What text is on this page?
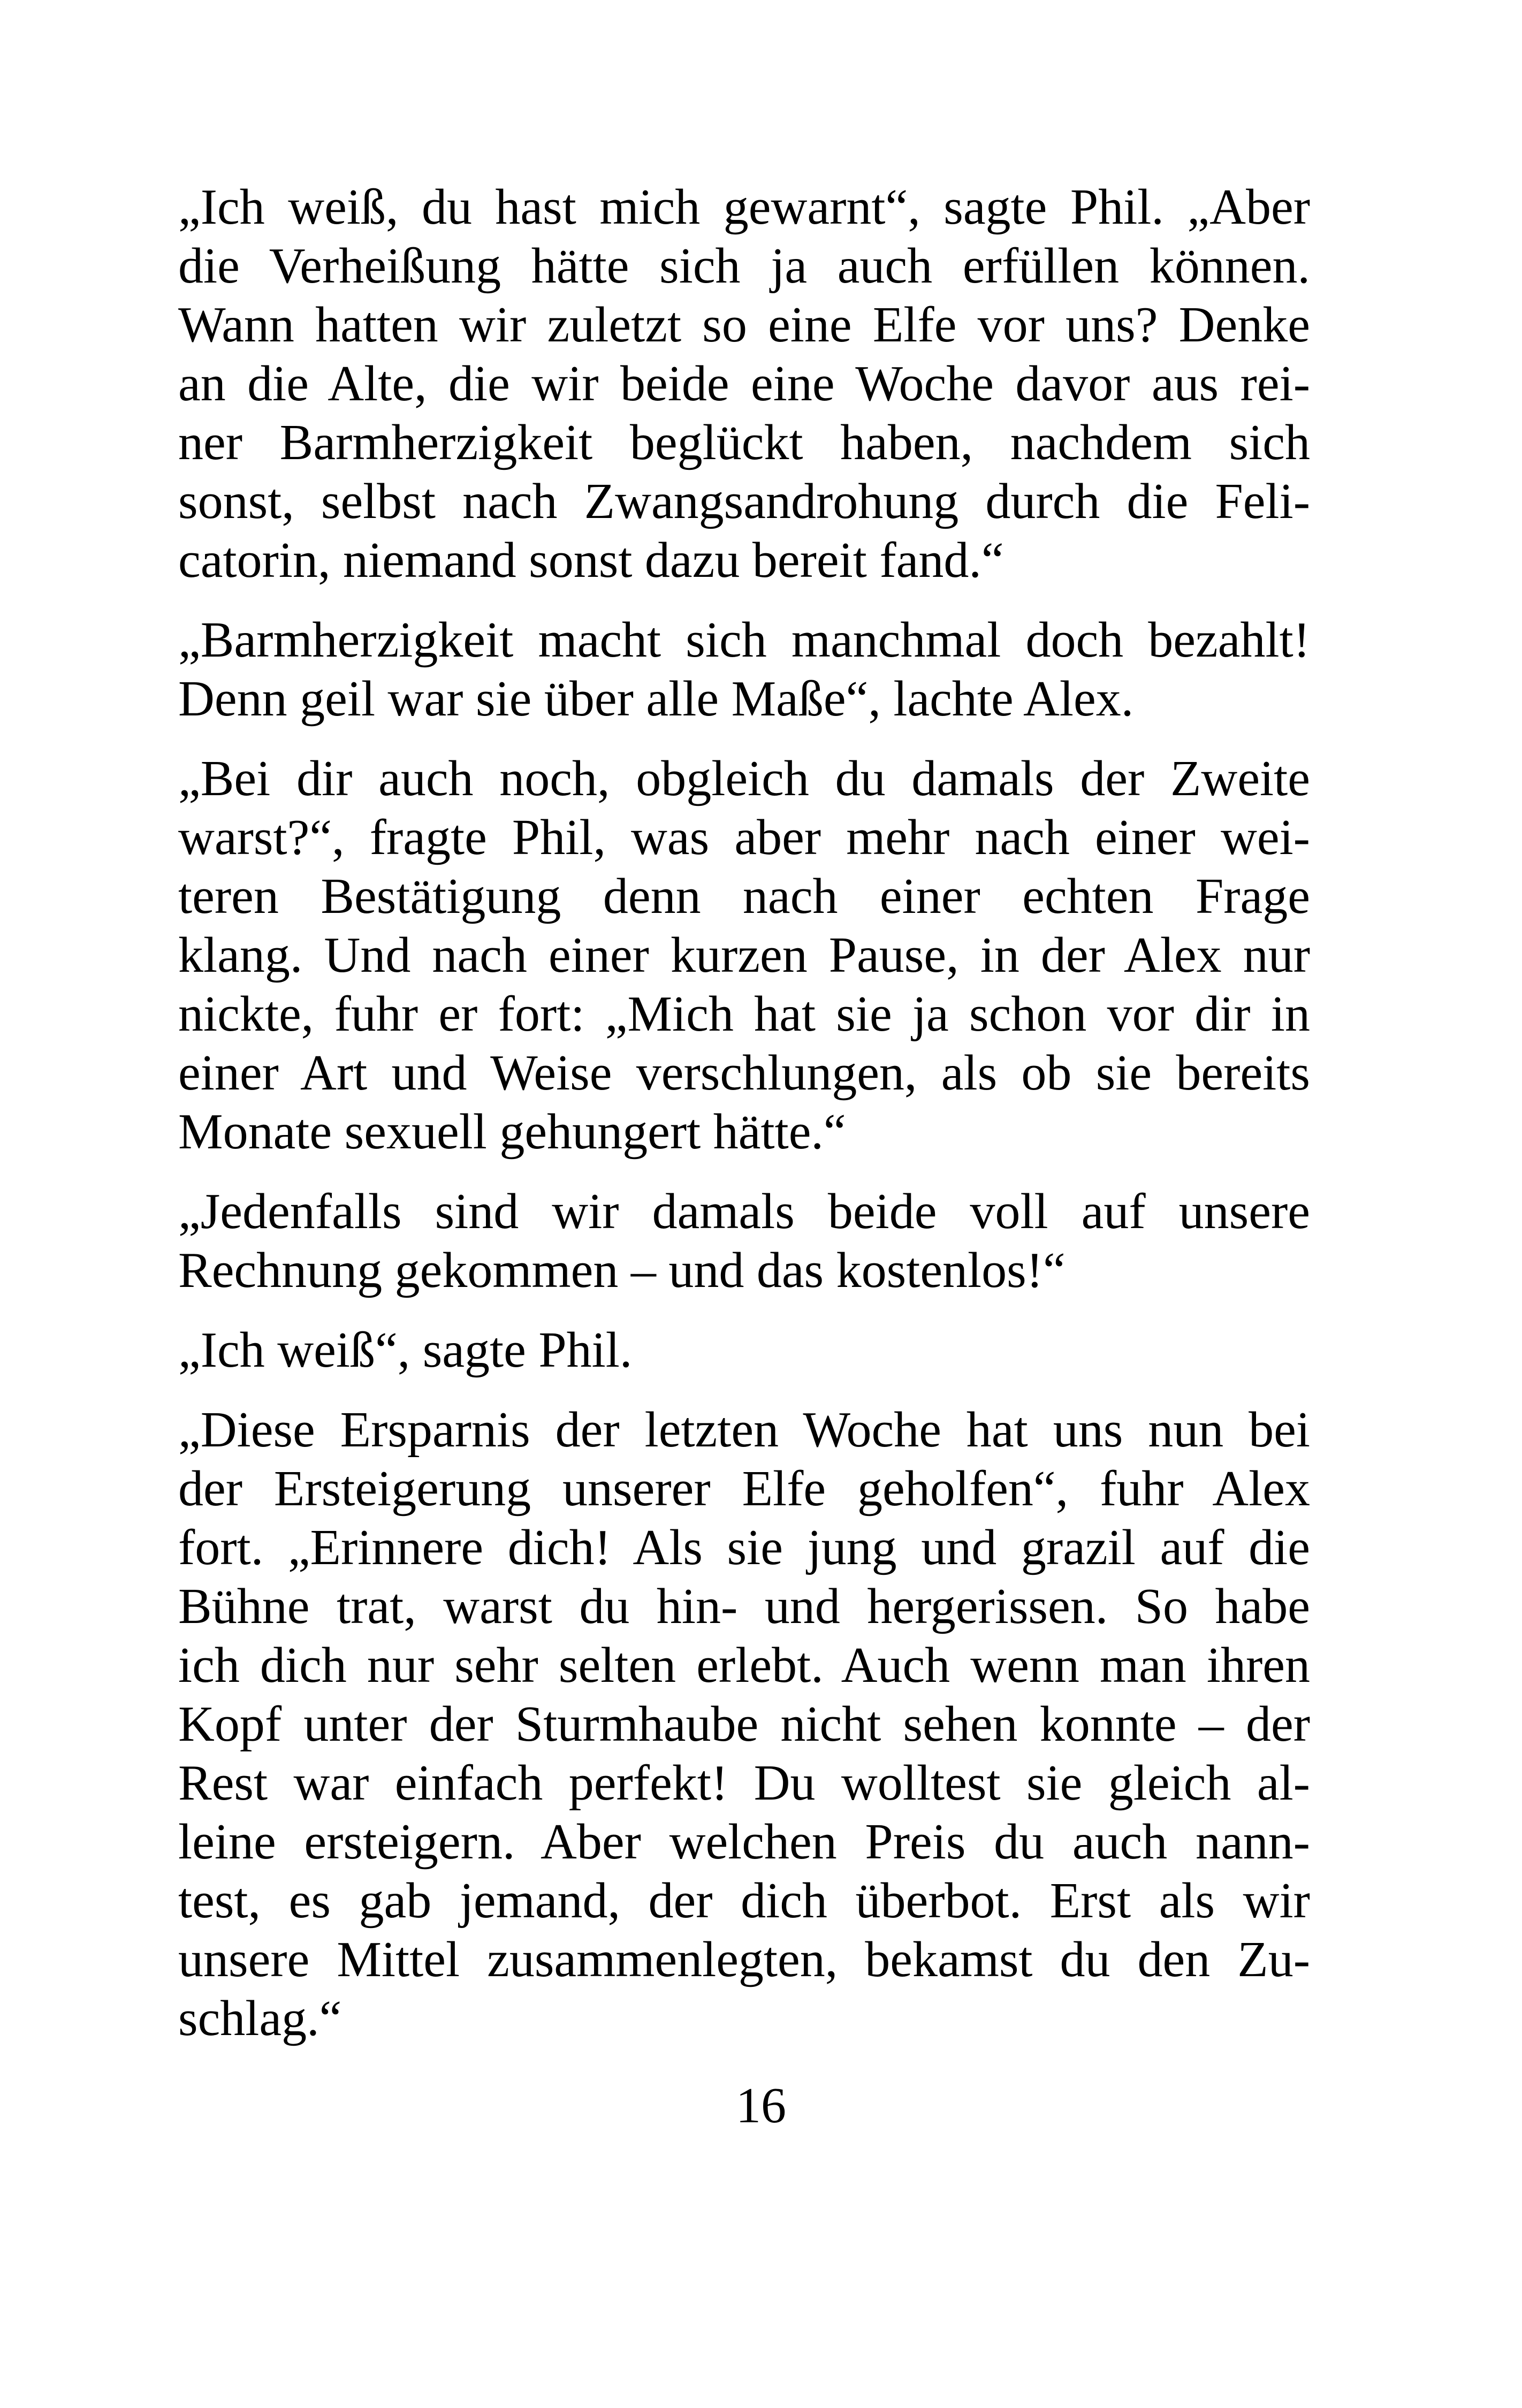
„Ich weiß, du hast mich gewarnt“, sagte Phil. „Aber
die Verheißung hätte sich ja auch erfüllen können.
Wann hatten wir zuletzt so eine Elfe vor uns? Denke
an die Alte, die wir beide eine Woche davor aus rei-
ner Barmherzigkeit beglückt haben, nachdem sich
sonst, selbst nach Zwangsandrohung durch die Feli-
catorin, niemand sonst dazu bereit fand.“
„Barmherzigkeit macht sich manchmal doch bezahlt!
Denn geil war sie über alle Maße“, lachte Alex.
„Bei dir auch noch, obgleich du damals der Zweite
warst?“, fragte Phil, was aber mehr nach einer wei-
teren Bestätigung denn nach einer echten Frage
klang. Und nach einer kurzen Pause, in der Alex nur
nickte, fuhr er fort: „Mich hat sie ja schon vor dir in
einer Art und Weise verschlungen, als ob sie bereits
Monate sexuell gehungert hätte.“
„Jedenfalls sind wir damals beide voll auf unsere
Rechnung gekommen – und das kostenlos!“
„Ich weiß“, sagte Phil.
„Diese Ersparnis der letzten Woche hat uns nun bei
der Ersteigerung unserer Elfe geholfen“, fuhr Alex
fort. „Erinnere dich! Als sie jung und grazil auf die
Bühne trat, warst du hin- und hergerissen. So habe
ich dich nur sehr selten erlebt. Auch wenn man ihren
Kopf unter der Sturmhaube nicht sehen konnte – der
Rest war einfach perfekt! Du wolltest sie gleich al-
leine ersteigern. Aber welchen Preis du auch nann-
test, es gab jemand, der dich überbot. Erst als wir
unsere Mittel zusammenlegten, bekamst du den Zu-
schlag.“
16
